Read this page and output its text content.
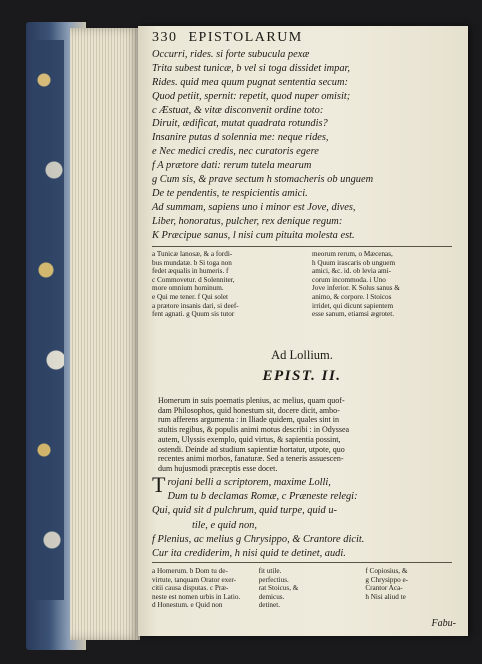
330 EPISTOLARUM
Occurri, rides. si forte subucula pexæ
Trita subest tunicæ, b vel si toga dissidet impar,
Rides. quid mea quum pugnat sententia secum:
Quod petiit, spernit: repetit, quod nuper omisit;
c Æstuat, & vitæ disconvenit ordine toto:
Diruit, ædificat, mutat quadrata rotundis?
Insanire putas d solennia me: neque rides,
e Nec medici credis, nec curatoris egere
f A prætore dati: rerum tutela mearum
g Cum sis, & prave sectum h stomacheris ob unguem
De te pendentis, te respicientis amici.
Ad summam, sapiens uno i minor est Jove, dives,
Liber, honoratus, pulcher, rex denique regum:
K Præcipue sanus, l nisi cum pituita molesta est.
a Tunicæ lanosæ, & a fordi-	meorum rerum, o Mæcenas,
bus mundatæ. b Si toga non	h Quum irascaris ob unguem
fedet æqualis in humeris. f	amici, &c. id. ob levia ami-
c Commovetur. d Solenniter,	corum incommoda. i Uno
more omnium hominum.	Jove inferior. K Solus sanus &
e Qui me tener. f Qui solet	animo, & corpore. l Stoicos
a prætore insanis dari, si deef-	irridet, qui dicunt sapientem
fent agnati. g Quum sis tutor	esse sanum, etiamsi ægrotet.
Ad Lollium.
EPIST. II.
Homerum in suis poematis plenius, ac melius, quam quof-
dam Philosophos, quid honestum sit, docere dicit, ambo-
rum afferens argumenta : in Iliade quidem, quales sint in
stultis regibus, & populis animi motus describi : in Odyssea
autem, Ulyssis exemplo, quid virtus, & sapientia possint,
ostendi. Deinde ad studium sapientiæ hortatur, utpote, quo
recentes animi morbos, fanaturæ. Sed a teneris assuescen-
dum hujusmodi præceptis esse docet.
T rojani belli a scriptorem, maxime Lolli,
Dum tu b declamas Romæ, c Præneste relegi:
Qui, quid sit d pulchrum, quid turpe, quid u-
tile, e quid non,
f Plenius, ac melius g Chrysippo, & Crantore dicit.
Cur ita crediderim, h nisi quid te detinet, audi.
a Homerum. b Dom tu de-	fit utile.	f Copiosius, &
virtute, tanquam Orator exer-	perfectius.	g Chrysippo e-
citii causa disputas. c Præ-	rat Stoicus, &	Crantor Aca-
neste est nomen urbis in Latio.	demicus.	h Nisi aliud te
d Honestum. e Quid non	detinet.
Fabu-
